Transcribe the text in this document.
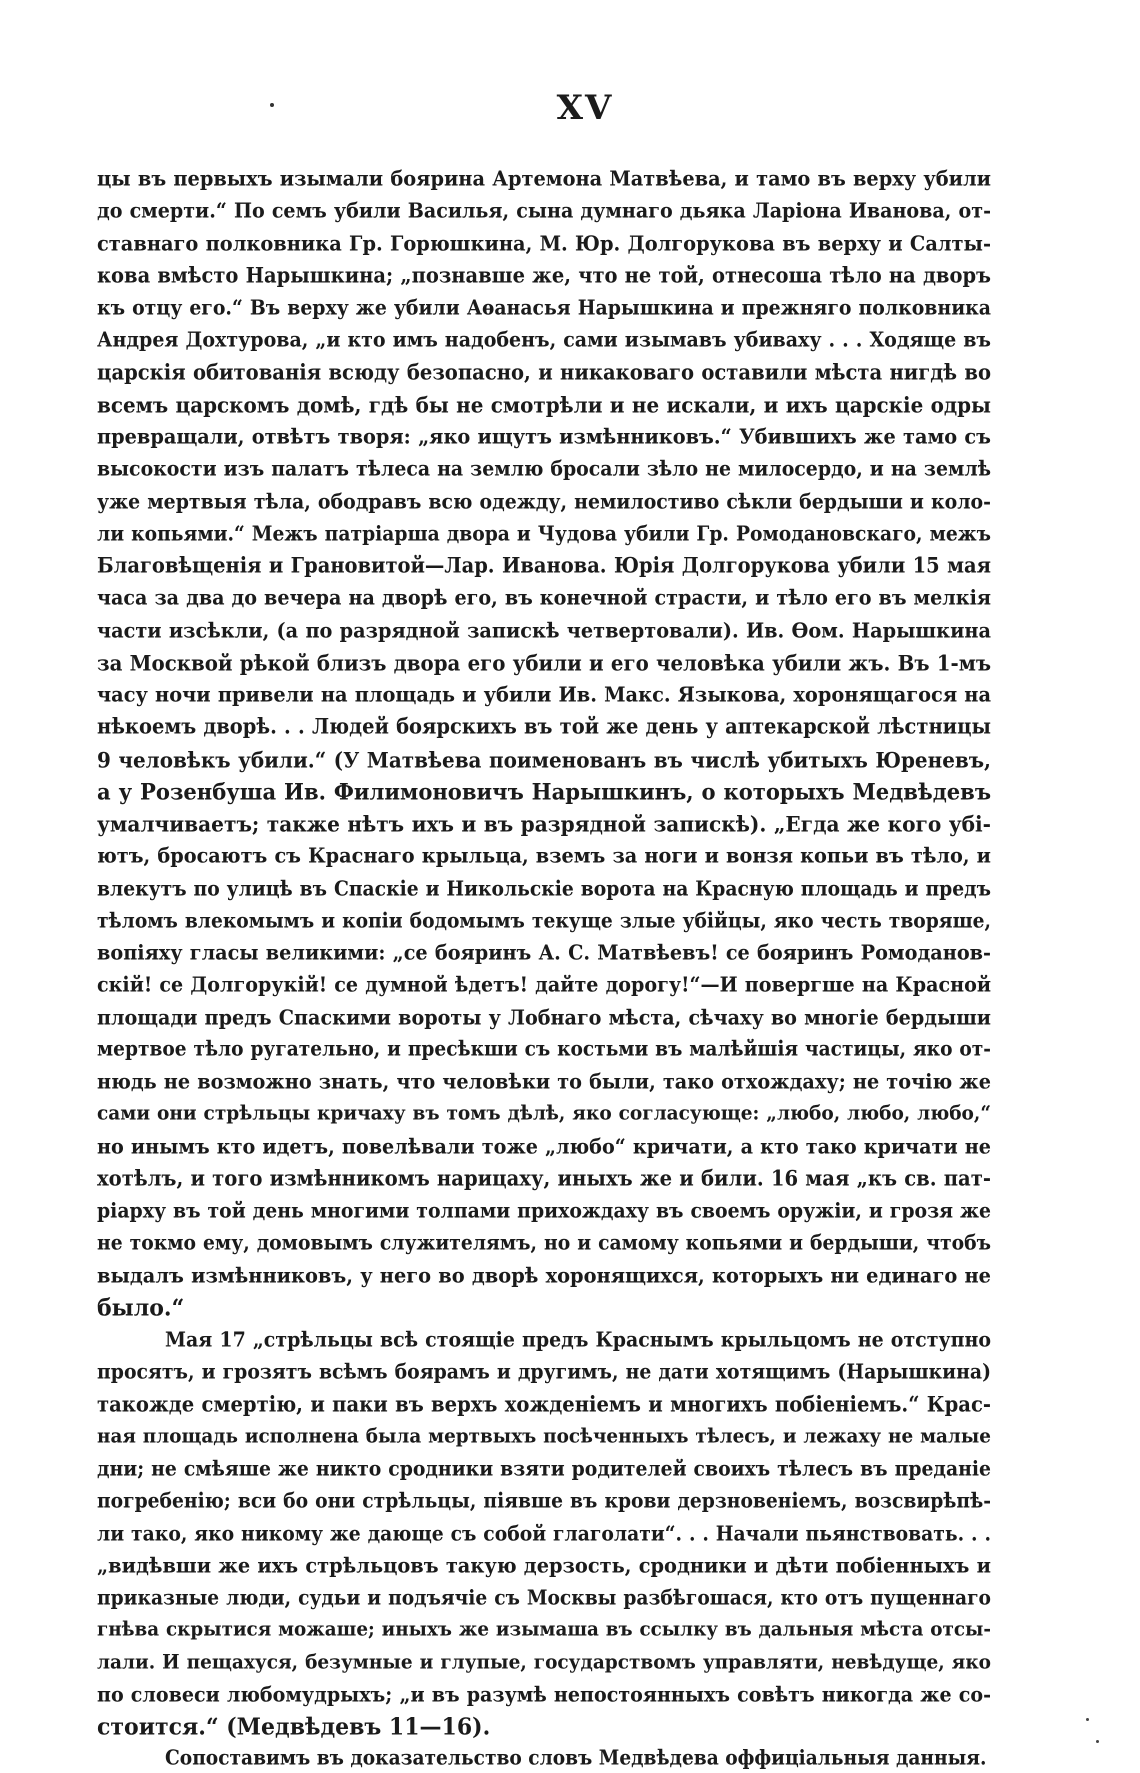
XV
цы въ первыхъ изымали боярина Артемона Матвѣева, и тамо въ верху убили
до смерти.“ По семъ убили Василья, сына думнаго дьяка Ларіона Иванова, от-
ставнаго полковника Гр. Горюшкина, М. Юр. Долгорукова въ верху и Салты-
кова вмѣсто Нарышкина; „познавше же, что не той, отнесоша тѣло на дворъ
къ отцу его.“ Въ верху же убили Аѳанасья Нарышкина и прежняго полковника
Андрея Дохтурова, „и кто имъ надобенъ, сами изымавъ убиваху . . . Ходяще въ
царскія обитованія всюду безопасно, и никаковаго оставили мѣста нигдѣ во
всемъ царскомъ домѣ, гдѣ бы не смотрѣли и не искали, и ихъ царскіе одры
превращали, отвѣтъ творя: „яко ищутъ измѣнниковъ.“ Убившихъ же тамо съ
высокости изъ палатъ тѣлеса на землю бросали зѣло не милосердо, и на землѣ
уже мертвыя тѣла, ободравъ всю одежду, немилостиво сѣкли бердыши и коло-
ли копьями.“ Межъ патріарша двора и Чудова убили Гр. Ромодановскаго, межъ
Благовѣщенія и Грановитой—Лар. Иванова. Юрія Долгорукова убили 15 мая
часа за два до вечера на дворѣ его, въ конечной страсти, и тѣло его въ мелкія
части изсѣкли, (а по разрядной запискѣ четвертовали). Ив. Ѳом. Нарышкина
за Москвой рѣкой близъ двора его убили и его человѣка убили жъ. Въ 1-мъ
часу ночи привели на площадь и убили Ив. Макс. Языкова, хоронящагося на
нѣкоемъ дворѣ. . . Людей боярскихъ въ той же день у аптекарской лѣстницы
9 человѣкъ убили.“ (У Матвѣева поименованъ въ числѣ убитыхъ Юреневъ,
а у Розенбуша Ив. Филимоновичъ Нарышкинъ, о которыхъ Медвѣдевъ
умалчиваетъ; также нѣтъ ихъ и въ разрядной запискѣ). „Егда же кого убі-
ютъ, бросаютъ съ Краснаго крыльца, вземъ за ноги и вонзя копьи въ тѣло, и
влекутъ по улицѣ въ Спаскіе и Никольскіе ворота на Красную площадь и предъ
тѣломъ влекомымъ и копіи бодомымъ текуще злые убійцы, яко честь творяше,
вопіяху гласы великими: „се бояринъ А. С. Матвѣевъ! се бояринъ Ромоданов-
скій! се Долгорукій! се думной ѣдетъ! дайте дорогу!“—И повергше на Красной
площади предъ Спаскими вороты у Лобнаго мѣста, сѣчаху во многіе бердыши
мертвое тѣло ругательно, и пресѣкши съ костьми въ малѣйшія частицы, яко от-
нюдь не возможно знать, что человѣки то были, тако отхождаху; не точію же
сами они стрѣльцы кричаху въ томъ дѣлѣ, яко согласующе: „любо, любо, любо,“
но инымъ кто идетъ, повелѣвали тоже „любо“ кричати, а кто тако кричати не
хотѣлъ, и того измѣнникомъ нарицаху, иныхъ же и били. 16 мая „къ св. пат-
ріарху въ той день многими толпами прихождаху въ своемъ оружіи, и грозя же
не токмо ему, домовымъ служителямъ, но и самому копьями и бердыши, чтобъ
выдалъ измѣнниковъ, у него во дворѣ хоронящихся, которыхъ ни единаго не
было.“
Мая 17 „стрѣльцы всѣ стоящіе предъ Краснымъ крыльцомъ не отступно
просятъ, и грозятъ всѣмъ боярамъ и другимъ, не дати хотящимъ (Нарышкина)
такожде смертію, и паки въ верхъ хожденіемъ и многихъ побіеніемъ.“ Крас-
ная площадь исполнена была мертвыхъ посѣченныхъ тѣлесъ, и лежаху не малые
дни; не смѣяше же никто сродники взяти родителей своихъ тѣлесъ въ преданіе
погребенію; вси бо они стрѣльцы, піявше въ крови дерзновеніемъ, возсвирѣпѣ-
ли тако, яко никому же дающе съ собой глаголати“. . . Начали пьянствовать. . .
„видѣвши же ихъ стрѣльцовъ такую дерзость, сродники и дѣти побіенныхъ и
приказные люди, судьи и подъячіе съ Москвы разбѣгошася, кто отъ пущеннаго
гнѣва скрытися можаше; иныхъ же изымаша въ ссылку въ дальныя мѣста отсы-
лали. И пещахуся, безумные и глупые, государствомъ управляти, невѣдуще, яко
по словеси любомудрыхъ; „и въ разумѣ непостоянныхъ совѣтъ никогда же со-
стоится.“ (Медвѣдевъ 11—16).
Сопоставимъ въ доказательство словъ Медвѣдева оффиціальныя данныя.
